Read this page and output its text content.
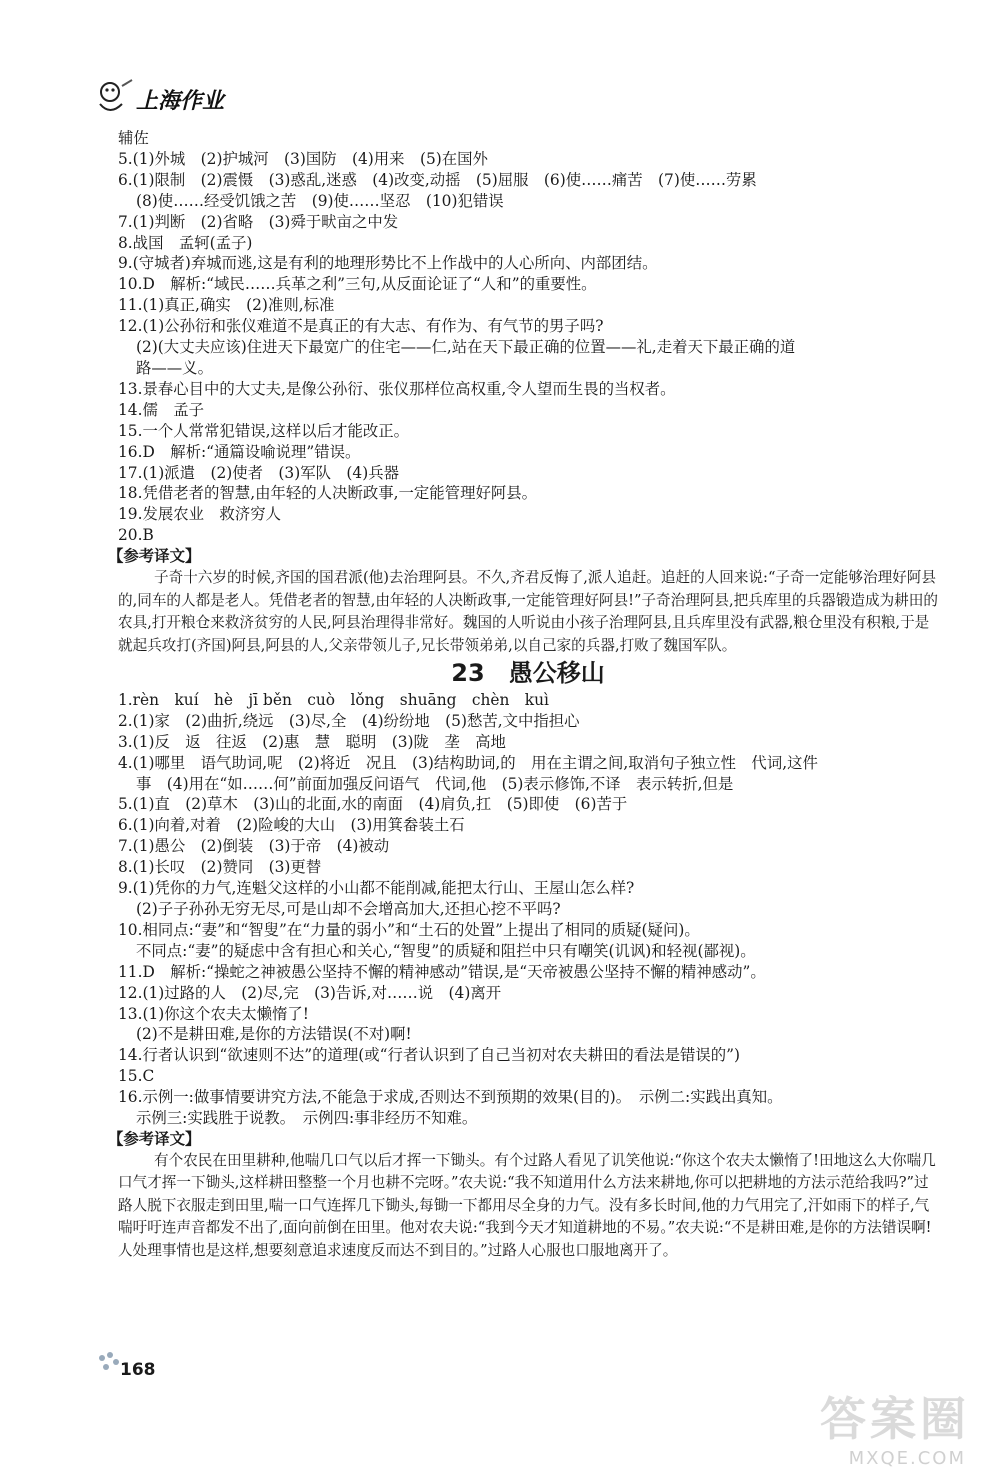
上海作业
辅佐
5.(1)外城　(2)护城河　(3)国防　(4)用来　(5)在国外
6.(1)限制　(2)震慑　(3)惑乱,迷惑　(4)改变,动摇　(5)屈服　(6)使……痛苦　(7)使……劳累
(8)使……经受饥饿之苦　(9)使……坚忍　(10)犯错误
7.(1)判断　(2)省略　(3)舜于畎亩之中发
8.战国　孟轲(孟子)
9.(守城者)弃城而逃,这是有利的地理形势比不上作战中的人心所向、内部团结。
10.D　解析:“域民……兵革之利”三句,从反面论证了“人和”的重要性。
11.(1)真正,确实　(2)准则,标准
12.(1)公孙衍和张仪难道不是真正的有大志、有作为、有气节的男子吗?
(2)(大丈夫应该)住进天下最宽广的住宅——仁,站在天下最正确的位置——礼,走着天下最正确的道
路——义。
13.景春心目中的大丈夫,是像公孙衍、张仪那样位高权重,令人望而生畏的当权者。
14.儒　孟子
15.一个人常常犯错误,这样以后才能改正。
16.D　解析:“通篇设喻说理”错误。
17.(1)派遣　(2)使者　(3)军队　(4)兵器
18.凭借老者的智慧,由年轻的人决断政事,一定能管理好阿县。
19.发展农业　救济穷人
20.B
【参考译文】

子奇十六岁的时候,齐国的国君派(他)去治理阿县。不久,齐君反悔了,派人追赶。追赶的人回来说:“子奇一定能够治理好阿县的,同车的人都是老人。凭借老者的智慧,由年轻的人决断政事,一定能管理好阿县!”子奇治理阿县,把兵库里的兵器锻造成为耕田的农具,打开粮仓来救济贫穷的人民,阿县治理得非常好。魏国的人听说由小孩子治理阿县,且兵库里没有武器,粮仓里没有积粮,于是就起兵攻打(齐国)阿县,阿县的人,父亲带领儿子,兄长带领弟弟,以自己家的兵器,打败了魏国军队。

23　愚公移山
1.rèn　kuí　hè　jī běn　cuò　lǒng　shuāng　chèn　kuì
2.(1)家　(2)曲折,绕远　(3)尽,全　(4)纷纷地　(5)愁苦,文中指担心
3.(1)反　返　往返　(2)惠　慧　聪明　(3)陇　垄　高地
4.(1)哪里　语气助词,呢　(2)将近　况且　(3)结构助词,的　用在主谓之间,取消句子独立性　代词,这件
事　(4)用在“如……何”前面加强反问语气　代词,他　(5)表示修饰,不译　表示转折,但是
5.(1)直　(2)草木　(3)山的北面,水的南面　(4)肩负,扛　(5)即使　(6)苦于
6.(1)向着,对着　(2)险峻的大山　(3)用箕畚装土石
7.(1)愚公　(2)倒装　(3)于帝　(4)被动
8.(1)长叹　(2)赞同　(3)更替
9.(1)凭你的力气,连魁父这样的小山都不能削减,能把太行山、王屋山怎么样?
(2)子子孙孙无穷无尽,可是山却不会增高加大,还担心挖不平吗?
10.相同点:“妻”和“智叟”在“力量的弱小”和“土石的处置”上提出了相同的质疑(疑问)。
不同点:“妻”的疑虑中含有担心和关心,“智叟”的质疑和阻拦中只有嘲笑(讥讽)和轻视(鄙视)。
11.D　解析:“操蛇之神被愚公坚持不懈的精神感动”错误,是“天帝被愚公坚持不懈的精神感动”。
12.(1)过路的人　(2)尽,完　(3)告诉,对……说　(4)离开
13.(1)你这个农夫太懒惰了!
(2)不是耕田难,是你的方法错误(不对)啊!
14.行者认识到“欲速则不达”的道理(或“行者认识到了自己当初对农夫耕田的看法是错误的”)
15.C
16.示例一:做事情要讲究方法,不能急于求成,否则达不到预期的效果(目的)。　示例二:实践出真知。
示例三:实践胜于说教。　示例四:事非经历不知难。
【参考译文】

有个农民在田里耕种,他喘几口气以后才挥一下锄头。有个过路人看见了讥笑他说:“你这个农夫太懒惰了!田地这么大你喘几口气才挥一下锄头,这样耕田整整一个月也耕不完呀。”农夫说:“我不知道用什么方法来耕地,你可以把耕地的方法示范给我吗?”过路人脱下衣服走到田里,喘一口气连挥几下锄头,每锄一下都用尽全身的力气。没有多长时间,他的力气用完了,汗如雨下的样子,气喘吁吁连声音都发不出了,面向前倒在田里。他对农夫说:“我到今天才知道耕地的不易。”农夫说:“不是耕田难,是你的方法错误啊!人处理事情也是这样,想要刻意追求速度反而达不到目的。”过路人心服也口服地离开了。

168
答案圈
MXQE.COM
